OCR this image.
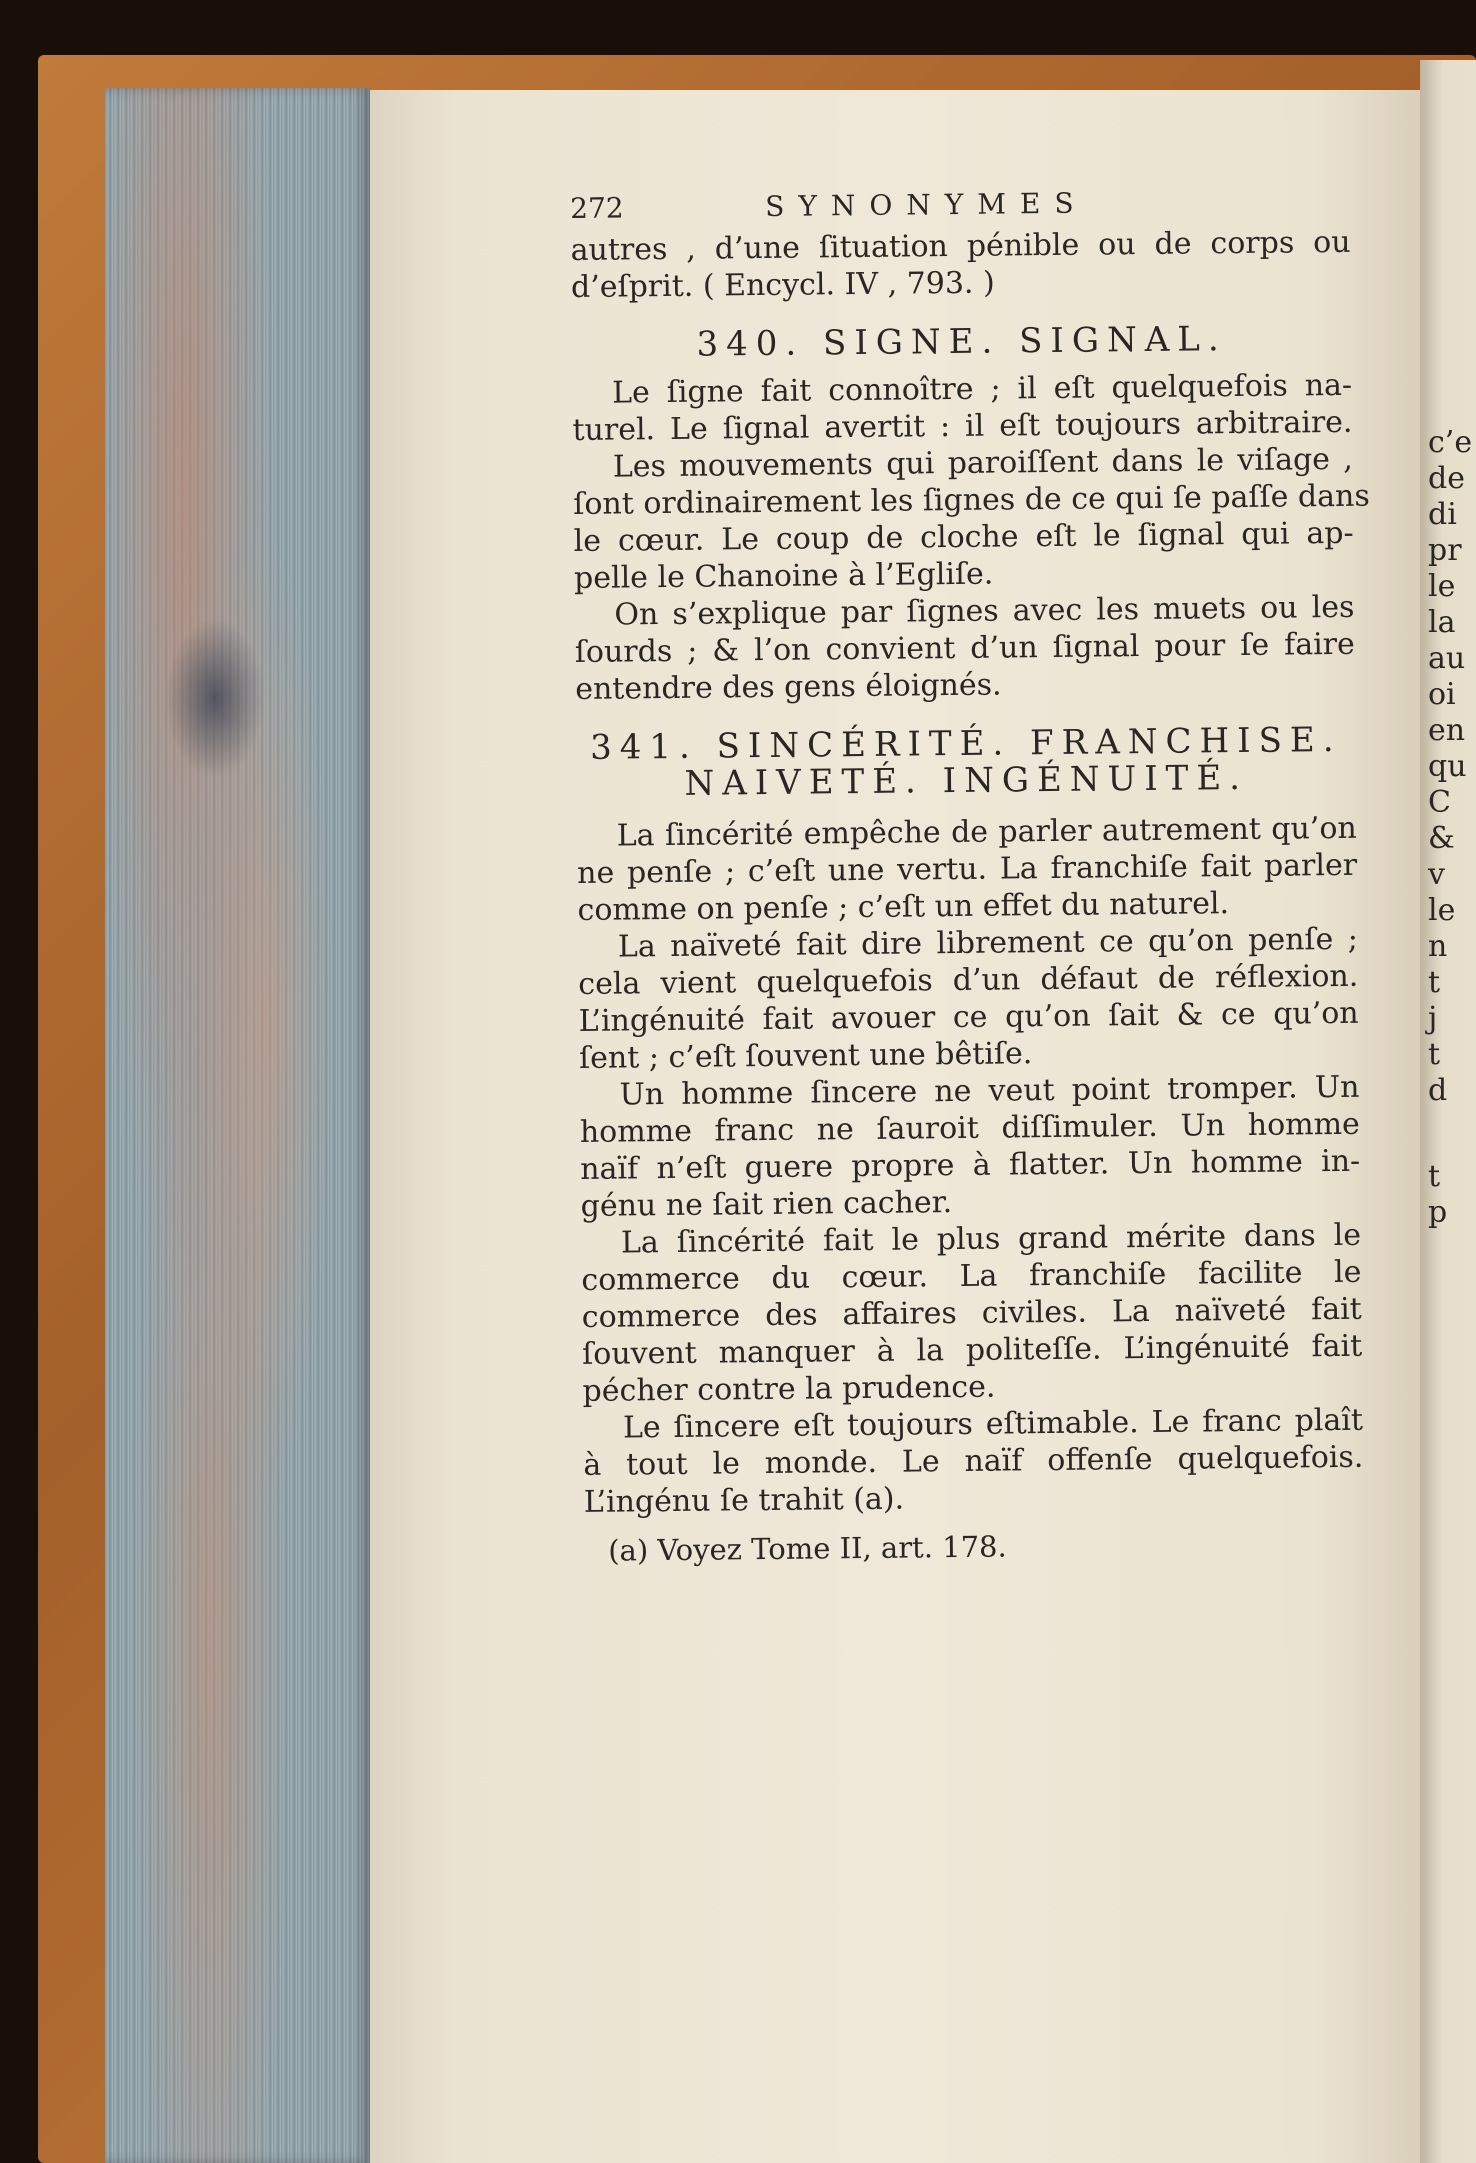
c’e
de
di
pr
le
la
au
oi
en
qu
C
&
v
le
n
t
j
t
d
t
p
272	SYNONYMES
autres , d’une ſituation pénible ou de corps ou
d’eſprit. ( Encycl. IV , 793. )
340. SIGNE. SIGNAL.
Le ſigne fait connoître ; il eſt quelquefois na-
turel. Le ſignal avertit : il eſt toujours arbitraire.
Les mouvements qui paroiſſent dans le viſage ,
ſont ordinairement les ſignes de ce qui ſe paſſe dans
le cœur. Le coup de cloche eſt le ſignal qui ap-
pelle le Chanoine à l’Egliſe.
On s’explique par ſignes avec les muets ou les
ſourds ; & l’on convient d’un ſignal pour ſe faire
entendre des gens éloignés.
341. SINCÉRITÉ. FRANCHISE.
NAIVETÉ. INGÉNUITÉ.
La ſincérité empêche de parler autrement qu’on
ne penſe ; c’eſt une vertu. La franchiſe fait parler
comme on penſe ; c’eſt un effet du naturel.
La naïveté fait dire librement ce qu’on penſe ;
cela vient quelquefois d’un défaut de réflexion.
L’ingénuité fait avouer ce qu’on ſait & ce qu’on
ſent ; c’eſt ſouvent une bêtiſe.
Un homme ſincere ne veut point tromper. Un
homme franc ne ſauroit diſſimuler. Un homme
naïf n’eſt guere propre à flatter. Un homme in-
génu ne ſait rien cacher.
La ſincérité fait le plus grand mérite dans le
commerce du cœur. La franchiſe facilite le
commerce des affaires civiles. La naïveté fait
ſouvent manquer à la politeſſe. L’ingénuité fait
pécher contre la prudence.
Le ſincere eſt toujours eſtimable. Le franc plaît
à tout le monde. Le naïf offenſe quelquefois.
L’ingénu ſe trahit (a).
(a) Voyez Tome II, art. 178.
